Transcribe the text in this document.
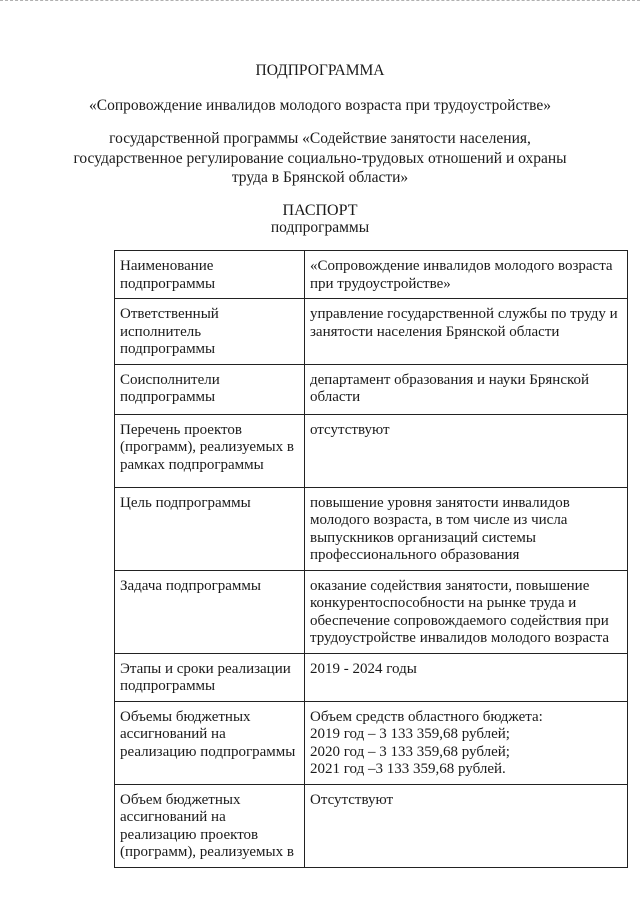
ПОДПРОГРАММА
«Сопровождение инвалидов молодого возраста при трудоустройстве»
государственной программы «Содействие занятости населения,
государственное регулирование социально-трудовых отношений и охраны
труда в Брянской области»
ПАСПОРТ
подпрограммы
Наименование
подпрограммы	«Сопровождение инвалидов молодого возраста
при трудоустройстве»

Ответственный
исполнитель
подпрограммы	управление государственной службы по труду и
занятости населения Брянской области

Соисполнители
подпрограммы	департамент образования и науки Брянской
области

Перечень проектов
(программ), реализуемых в
рамках подпрограммы	отсутствуют

Цель подпрограммы	повышение уровня занятости инвалидов
молодого возраста, в том числе из числа
выпускников организаций системы
профессионального образования

Задача подпрограммы	оказание содействия занятости, повышение
конкурентоспособности на рынке труда и
обеспечение сопровождаемого содействия при
трудоустройстве инвалидов молодого возраста

Этапы и сроки реализации
подпрограммы	2019 - 2024 годы

Объемы бюджетных
ассигнований на
реализацию подпрограммы	Объем средств областного бюджета:
2019 год – 3 133 359,68 рублей;
2020 год – 3 133 359,68 рублей;
2021 год –3 133 359,68 рублей.

Объем бюджетных
ассигнований на
реализацию проектов
(программ), реализуемых в	Отсутствуют
